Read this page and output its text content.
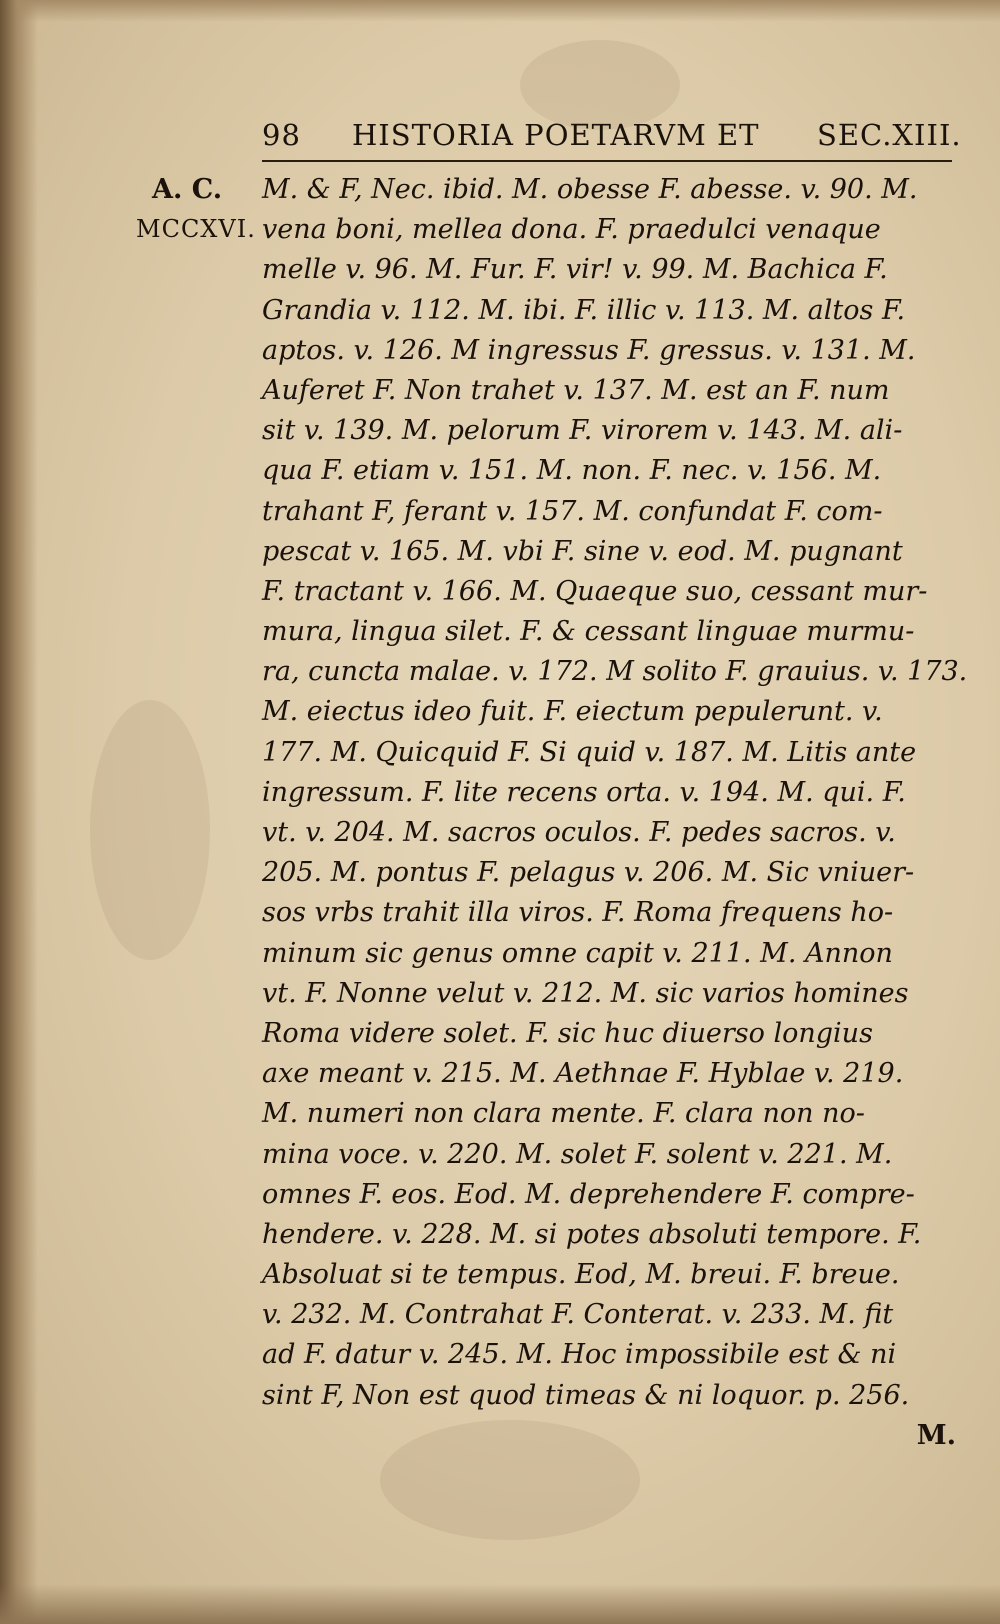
98 HISTORIA POETARVM ET SEC.XIII.
A. C.
MCCXVI.
M. & F, Nec. ibid. M. obesse F. abesse. v. 90. M.
vena boni, mellea dona. F. praedulci venaque
melle v. 96. M. Fur. F. vir! v. 99. M. Bachica F.
Grandia v. 112. M. ibi. F. illic v. 113. M. altos F.
aptos. v. 126. M ingressus F. gressus. v. 131. M.
Auferet F. Non trahet v. 137. M. est an F. num
sit v. 139. M. pelorum F. virorem v. 143. M. ali-
qua F. etiam v. 151. M. non. F. nec. v. 156. M.
trahant F, ferant v. 157. M. confundat F. com-
pescat v. 165. M. vbi F. sine v. eod. M. pugnant
F. tractant v. 166. M. Quaeque suo, cessant mur-
mura, lingua silet. F. & cessant linguae murmu-
ra, cuncta malae. v. 172. M solito F. grauius. v. 173.
M. eiectus ideo fuit. F. eiectum pepulerunt. v.
177. M. Quicquid F. Si quid v. 187. M. Litis ante
ingressum. F. lite recens orta. v. 194. M. qui. F.
vt. v. 204. M. sacros oculos. F. pedes sacros. v.
205. M. pontus F. pelagus v. 206. M. Sic vniuer-
sos vrbs trahit illa viros. F. Roma frequens ho-
minum sic genus omne capit v. 211. M. Annon
vt. F. Nonne velut v. 212. M. sic varios homines
Roma videre solet. F. sic huc diuerso longius
axe meant v. 215. M. Aethnae F. Hyblae v. 219.
M. numeri non clara mente. F. clara non no-
mina voce. v. 220. M. solet F. solent v. 221. M.
omnes F. eos. Eod. M. deprehendere F. compre-
hendere. v. 228. M. si potes absoluti tempore. F.
Absoluat si te tempus. Eod, M. breui. F. breue.
v. 232. M. Contrahat F. Conterat. v. 233. M. fit
ad F. datur v. 245. M. Hoc impossibile est & ni
sint F, Non est quod timeas & ni loquor. p. 256.
M.
